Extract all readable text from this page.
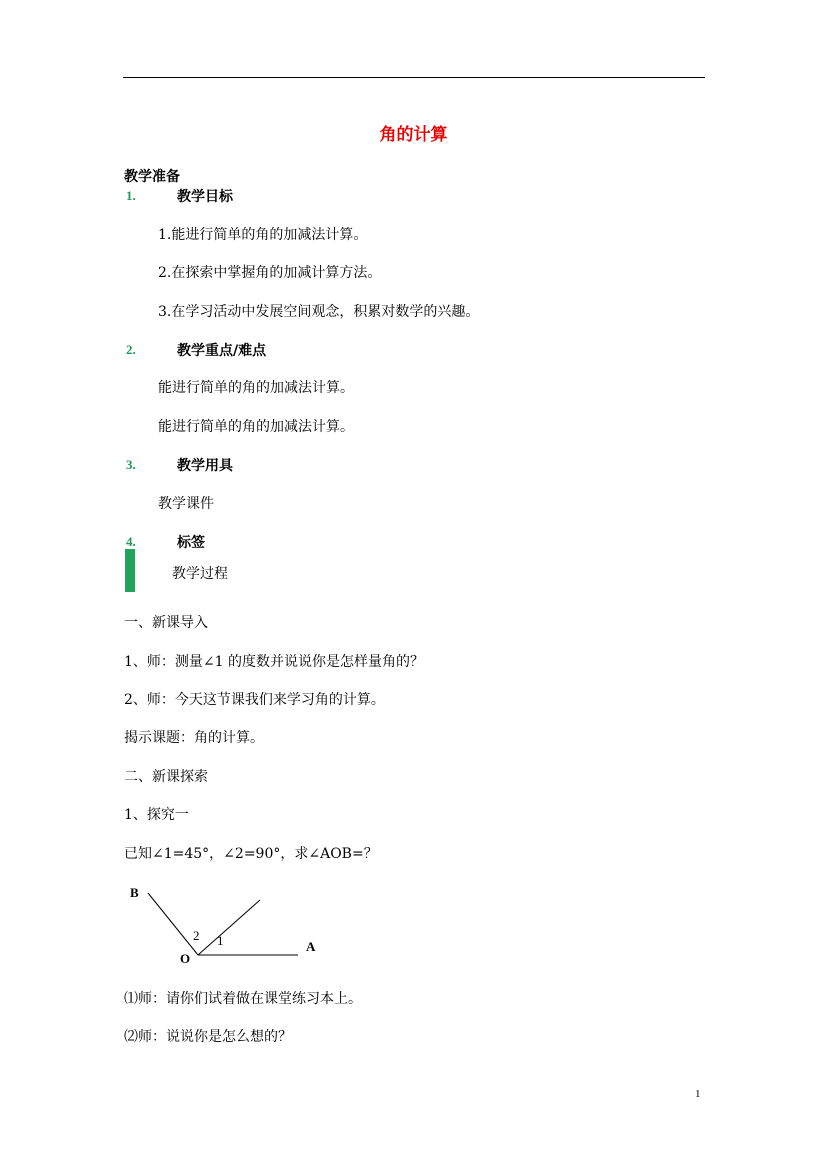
角的计算
教学准备
1.	教学目标
1.能进行简单的角的加减法计算。
2.在探索中掌握角的加减计算方法。
3.在学习活动中发展空间观念，积累对数学的兴趣。
2.	教学重点/难点
能进行简单的角的加减法计算。
能进行简单的角的加减法计算。
3.	教学用具
教学课件
4.	标签
教学过程
一、新课导入
1、师：测量∠1 的度数并说说你是怎样量角的？
2、师：今天这节课我们来学习角的计算。
揭示课题：角的计算。
二、新课探索
1、探究一
已知∠1=45°，∠2=90°，求∠AOB=？
B
O
A
2 1
⑴师：请你们试着做在课堂练习本上。
⑵师：说说你是怎么想的？
1
